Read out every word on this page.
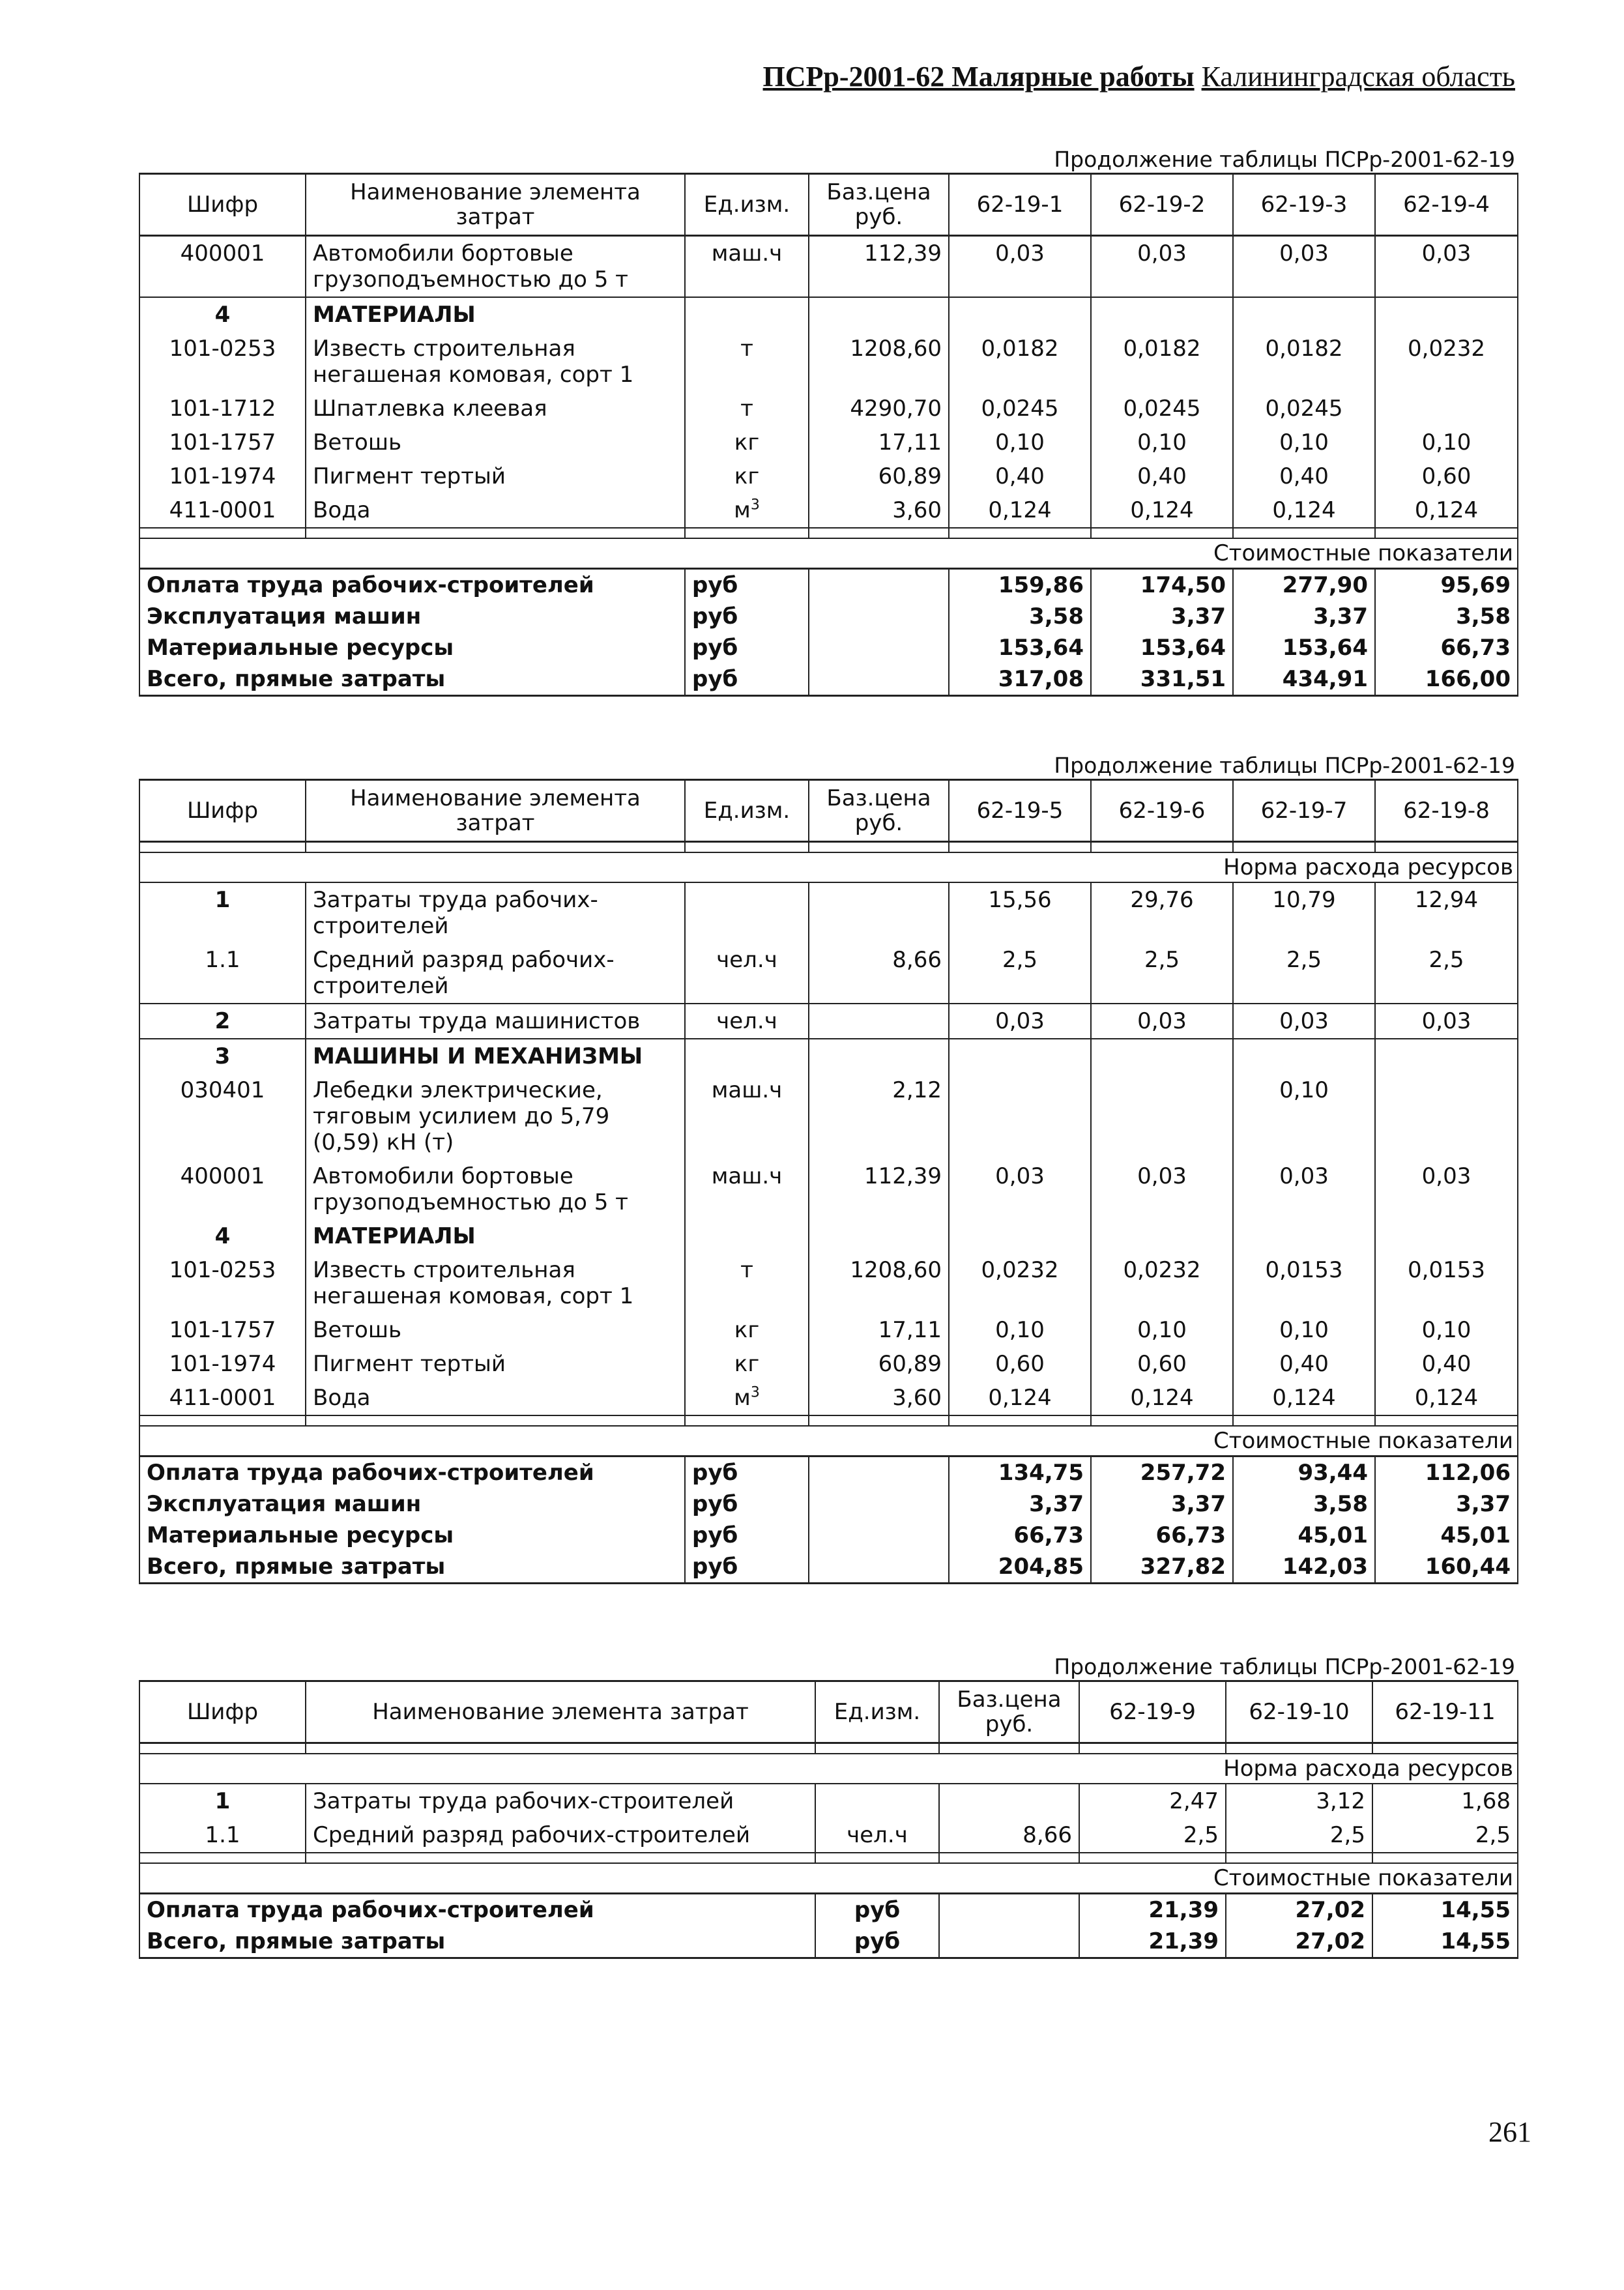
ПСРр-2001-62 Малярные работы Калининградская область
Продолжение таблицы ПСРр-2001-62-19
Шифр	Наименование элемента затрат	Ед.изм.	Баз.цена руб.	62-19-1	62-19-2	62-19-3	62-19-4
400001	Автомобили бортовые грузоподъемностью до 5 т	маш.ч	112,39	0,03	0,03	0,03	0,03
4	МАТЕРИАЛЫ						
101-0253	Известь строительная негашеная комовая, сорт 1	т	1208,60	0,0182	0,0182	0,0182	0,0232
101-1712	Шпатлевка клеевая	т	4290,70	0,0245	0,0245	0,0245	
101-1757	Ветошь	кг	17,11	0,10	0,10	0,10	0,10
101-1974	Пигмент тертый	кг	60,89	0,40	0,40	0,40	0,60
411-0001	Вода	$м^3$	3,60	0,124	0,124	0,124	0,124

Стоимостные показатели							
Оплата труда рабочих-строителей		руб		159,86	174,50	277,90	95,69
Эксплуатация машин		руб		3,58	3,37	3,37	3,58
Материальные ресурсы		руб		153,64	153,64	153,64	66,73
Всего, прямые затраты		руб		317,08	331,51	434,91	166,00
Продолжение таблицы ПСРр-2001-62-19
Шифр	Наименование элемента затрат	Ед.изм.	Баз.цена руб.	62-19-5	62-19-6	62-19-7	62-19-8

Норма расхода ресурсов							
1	Затраты труда рабочих-строителей			15,56	29,76	10,79	12,94
1.1	Средний разряд рабочих-строителей	чел.ч	8,66	2,5	2,5	2,5	2,5
2	Затраты труда машинистов	чел.ч		0,03	0,03	0,03	0,03
3	МАШИНЫ И МЕХАНИЗМЫ						
030401	Лебедки электрические, тяговым усилием до 5,79 (0,59) кН (т)	маш.ч	2,12			0,10	
400001	Автомобили бортовые грузоподъемностью до 5 т	маш.ч	112,39	0,03	0,03	0,03	0,03
4	МАТЕРИАЛЫ						
101-0253	Известь строительная негашеная комовая, сорт 1	т	1208,60	0,0232	0,0232	0,0153	0,0153
101-1757	Ветошь	кг	17,11	0,10	0,10	0,10	0,10
101-1974	Пигмент тертый	кг	60,89	0,60	0,60	0,40	0,40
411-0001	Вода	$м^3$	3,60	0,124	0,124	0,124	0,124

Стоимостные показатели							
Оплата труда рабочих-строителей		руб		134,75	257,72	93,44	112,06
Эксплуатация машин		руб		3,37	3,37	3,58	3,37
Материальные ресурсы		руб		66,73	66,73	45,01	45,01
Всего, прямые затраты		руб		204,85	327,82	142,03	160,44
Продолжение таблицы ПСРр-2001-62-19
Шифр	Наименование элемента затрат	Ед.изм.	Баз.цена руб.	62-19-9	62-19-10	62-19-11

Норма расхода ресурсов						
1	Затраты труда рабочих-строителей			2,47	3,12	1,68
1.1	Средний разряд рабочих-строителей	чел.ч	8,66	2,5	2,5	2,5

Стоимостные показатели						
Оплата труда рабочих-строителей		руб		21,39	27,02	14,55
Всего, прямые затраты		руб		21,39	27,02	14,55
261
